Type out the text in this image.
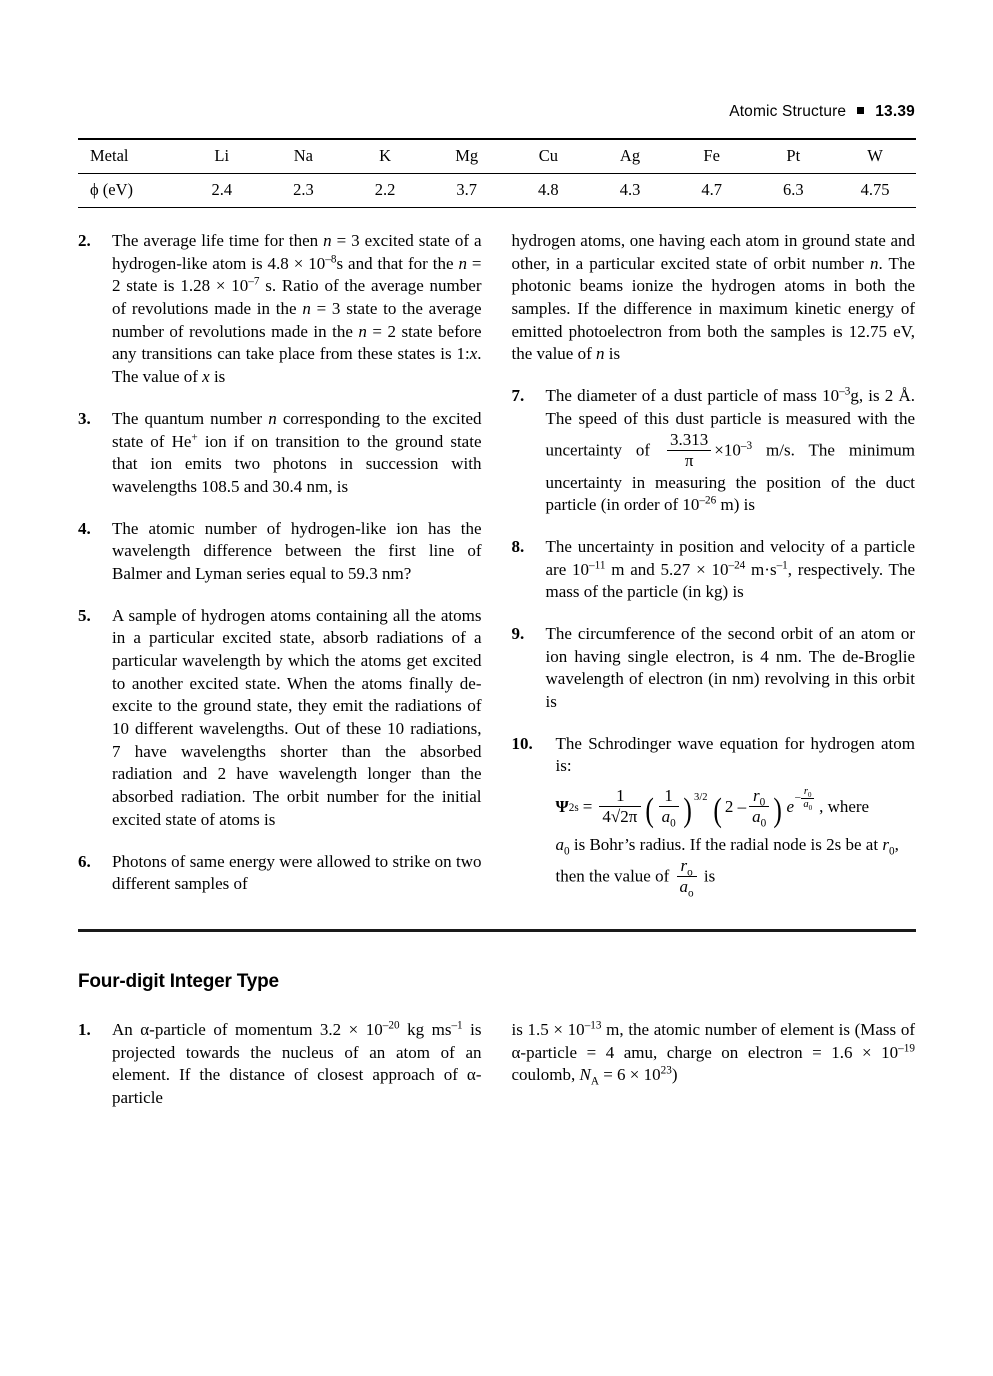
Atomic Structure 13.39
Metal	Li	Na	K	Mg	Cu	Ag	Fe	Pt	W
ϕ (eV)	2.4	2.3	2.2	3.7	4.8	4.3	4.7	6.3	4.75
2.	The average life time for then n = 3 excited state of a hydrogen-like atom is $4.8 \times 10^{-8}s$ and that for the n = 2 state is $1.28 \times 10^{-7}$ s. Ratio of the average number of revolutions made in the n = 3 state to the average number of revolutions made in the n = 2 state before any transitions can take place from these states is 1:x. The value of x is
3.	The quantum number n corresponding to the excited state of He+ ion if on transition to the ground state that ion emits two photons in succession with wavelengths 108.5 and 30.4 nm, is
4.	The atomic number of hydrogen-like ion has the wavelength difference between the first line of Balmer and Lyman series equal to 59.3 nm?
5.	A sample of hydrogen atoms containing all the atoms in a particular excited state, absorb radiations of a particular wavelength by which the atoms get excited to another excited state. When the atoms finally de-excite to the ground state, they emit the radiations of 10 different wavelengths. Out of these 10 radiations, 7 have wavelengths shorter than the absorbed radiation and 2 have wavelength longer than the absorbed radiation. The orbit number for the initial excited state of atoms is
6.	Photons of same energy were allowed to strike on two different samples of
hydrogen atoms, one having each atom in ground state and other, in a particular excited state of orbit number n. The photonic beams ionize the hydrogen atoms in both the samples. If the difference in maximum kinetic energy of emitted photoelectron from both the samples is 12.75 eV, the value of n is
7.	The diameter of a dust particle of mass $10^{-3}g$, is 2 Å. The speed of this dust particle is measured with the uncertainty of $\frac{3.313}{\pi} \times 10^{-3}$ m/s. The minimum uncertainty in measuring the position of the duct particle (in order of $10^{-26}$ m) is
8.	The uncertainty in position and velocity of a particle are $10^{-11}$ m and $5.27 \times 10^{-24}$ $m\cdot s^{-1}$, respectively. The mass of the particle (in kg) is
9.	The circumference of the second orbit of an atom or ion having single electron, is 4 nm. The de-Broglie wavelength of electron (in nm) revolving in this orbit is
10.	The Schrodinger wave equation for hydrogen atom is:
Ψ $2s = \frac{1}{4√2\pi}$ ( $\frac{1}{a_0}$ ) 3/2 ( $2 - \frac{r_0}{a_0}$ ) e
– $\frac{r_0}{a_0}$ , where
$a_0$ is Bohr’s radius. If the radial node is 2s be at $r_0$, then the value of $\frac{r_o}{a_o}$ is
Four-digit Integer Type
1.	An α-particle of momentum $3.2 \times 10^{-20}$ kg $ms^{-1}$ is projected towards the nucleus of an atom of an element. If the distance of closest approach of α-particle
is $1.5 \times 10^{-13}$ m, the atomic number of element is (Mass of α-particle = 4 amu, charge on electron = $1.6 \times 10^{-19}$ coulomb, $N_A = 6 \times 10^{23}$)
